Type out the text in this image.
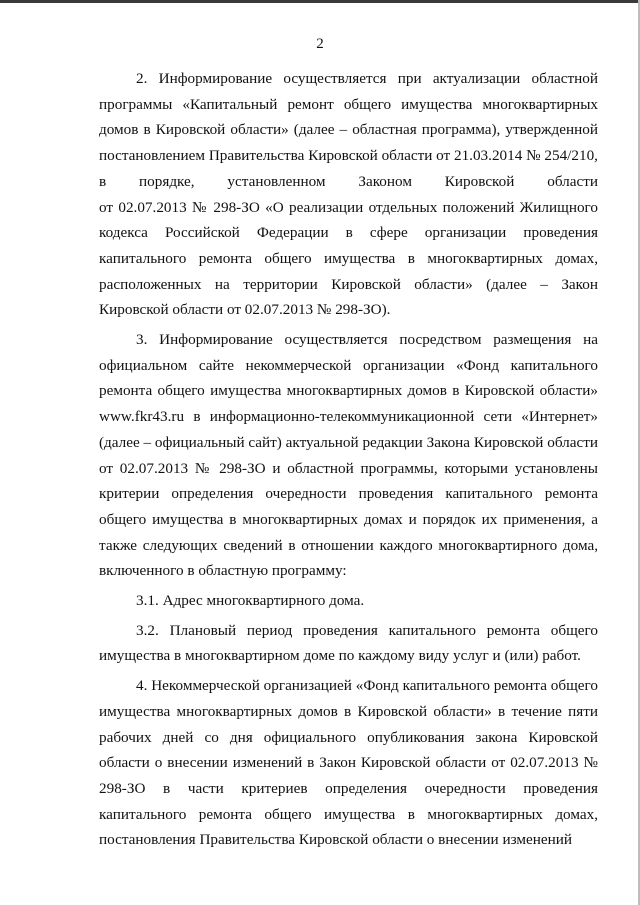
2

2. Информирование осуществляется при актуализации областной программы «Капитальный ремонт общего имущества многоквартирных домов в Кировской области» (далее – областная программа), утвержденной постановлением Правительства Кировской области от 21.03.2014 № 254/210,
в порядке, установленном Законом Кировской области
от 02.07.2013 № 298-ЗО «О реализации отдельных положений Жилищного кодекса Российской Федерации в сфере организации проведения капитального ремонта общего имущества в многоквартирных домах, расположенных на территории Кировской области» (далее – Закон Кировской области от 02.07.2013 № 298-ЗО).

3. Информирование осуществляется посредством размещения на официальном сайте некоммерческой организации «Фонд капитального ремонта общего имущества многоквартирных домов в Кировской области» www.fkr43.ru в информационно-телекоммуникационной сети «Интернет» (далее – официальный сайт) актуальной редакции Закона Кировской области от 02.07.2013 № 298-ЗО и областной программы, которыми установлены критерии определения очередности проведения капитального ремонта общего имущества в многоквартирных домах и порядок их применения, а также следующих сведений в отношении каждого многоквартирного дома, включенного в областную программу:

3.1. Адрес многоквартирного дома.

3.2. Плановый период проведения капитального ремонта общего имущества в многоквартирном доме по каждому виду услуг и (или) работ.

4. Некоммерческой организацией «Фонд капитального ремонта общего имущества многоквартирных домов в Кировской области» в течение пяти рабочих дней со дня официального опубликования закона Кировской области о внесении изменений в Закон Кировской области от 02.07.2013 № 298-ЗО в части критериев определения очередности проведения капитального ремонта общего имущества в многоквартирных домах, постановления Правительства Кировской области о внесении изменений
